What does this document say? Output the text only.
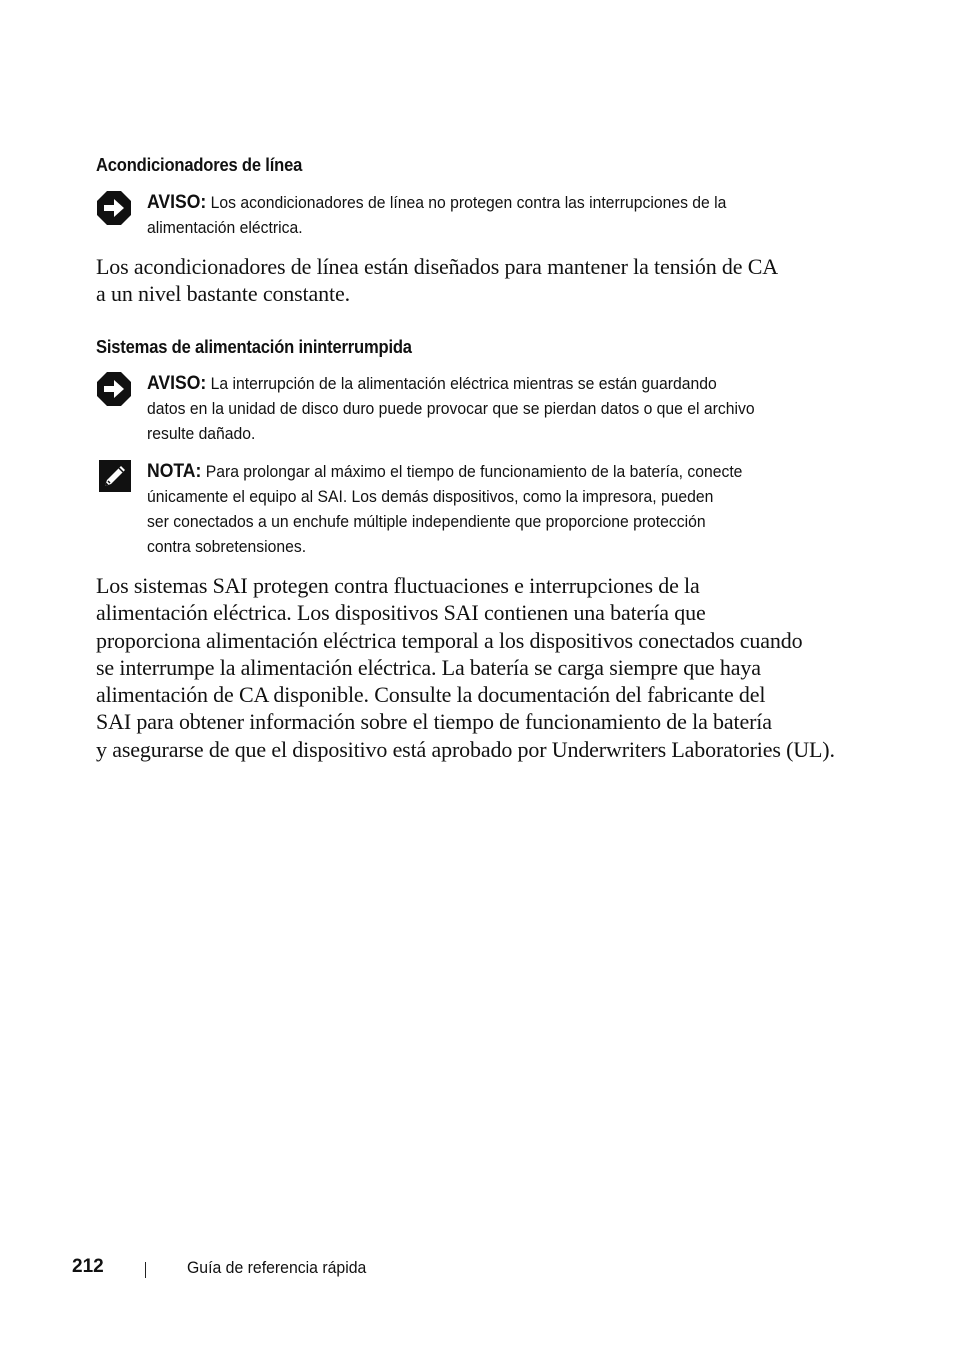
Acondicionadores de línea
AVISO: Los acondicionadores de línea no protegen contra las interrupciones de la
alimentación eléctrica.
Los acondicionadores de línea están diseñados para mantener la tensión de CA
a un nivel bastante constante.
Sistemas de alimentación ininterrumpida
AVISO: La interrupción de la alimentación eléctrica mientras se están guardando
datos en la unidad de disco duro puede provocar que se pierdan datos o que el archivo
resulte dañado.
NOTA: Para prolongar al máximo el tiempo de funcionamiento de la batería, conecte
únicamente el equipo al SAI. Los demás dispositivos, como la impresora, pueden
ser conectados a un enchufe múltiple independiente que proporcione protección
contra sobretensiones.
Los sistemas SAI protegen contra fluctuaciones e interrupciones de la
alimentación eléctrica. Los dispositivos SAI contienen una batería que
proporciona alimentación eléctrica temporal a los dispositivos conectados cuando
se interrumpe la alimentación eléctrica. La batería se carga siempre que haya
alimentación de CA disponible. Consulte la documentación del fabricante del
SAI para obtener información sobre el tiempo de funcionamiento de la batería
y asegurarse de que el dispositivo está aprobado por Underwriters Laboratories (UL).
212	Guía de referencia rápida
